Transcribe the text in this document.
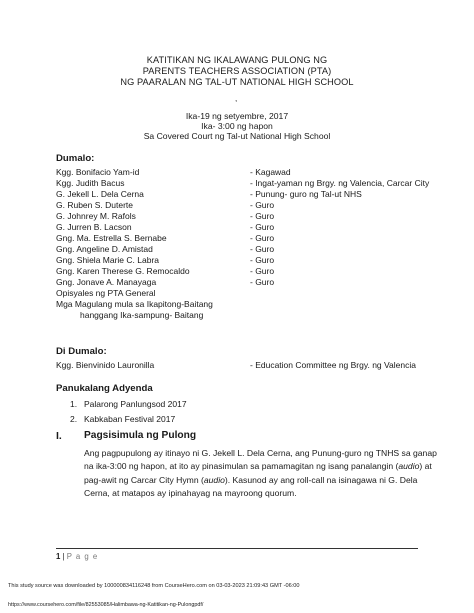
KATITIKAN NG IKALAWANG PULONG NG
PARENTS TEACHERS ASSOCIATION (PTA)
NG PAARALAN NG TAL-UT NATIONAL HIGH SCHOOL
,
Ika-19 ng setyembre, 2017
Ika- 3:00 ng hapon
Sa Covered Court ng Tal-ut National High School
Dumalo:
Kgg. Bonifacio Yam-id	- Kagawad
Kgg. Judith Bacus	- Ingat-yaman ng Brgy. ng Valencia, Carcar City
G. Jekell L. Dela Cerna	- Punung- guro ng Tal-ut NHS
G. Ruben S. Duterte	- Guro
G. Johnrey M. Rafols	- Guro
G. Jurren B. Lacson	- Guro
Gng. Ma. Estrella S. Bernabe	- Guro
Gng. Angeline D. Amistad	- Guro
Gng. Shiela Marie C. Labra	- Guro
Gng. Karen Therese G. Remocaldo	- Guro
Gng. Jonave A. Manayaga	- Guro
Opisyales ng PTA General
Mga Magulang mula sa Ikapitong-Baitang
hanggang Ika-sampung- Baitang
Di Dumalo:
Kgg. Bienvinido Lauronilla	- Education Committee ng Brgy. ng Valencia
Panukalang Adyenda
1. Palarong Panlungsod 2017
2. Kabkaban Festival 2017
I. Pagsisimula ng Pulong
Ang pagpupulong ay itinayo ni G. Jekell L. Dela Cerna, ang Punung-guro ng TNHS sa ganap na ika-3:00 ng hapon, at ito ay pinasimulan sa pamamagitan ng isang panalangin (audio) at pag-awit ng Carcar City Hymn (audio). Kasunod ay ang roll-call na isinagawa ni G. Dela Cerna, at matapos ay ipinahayag na mayroong quorum.
1 | P a g e
This study source was downloaded by 100000834116248 from CourseHero.com on 03-03-2023 21:09:43 GMT -06:00
https://www.coursehero.com/file/82553085/Halimbawa-ng-Katitikan-ng-Pulongpdf/
